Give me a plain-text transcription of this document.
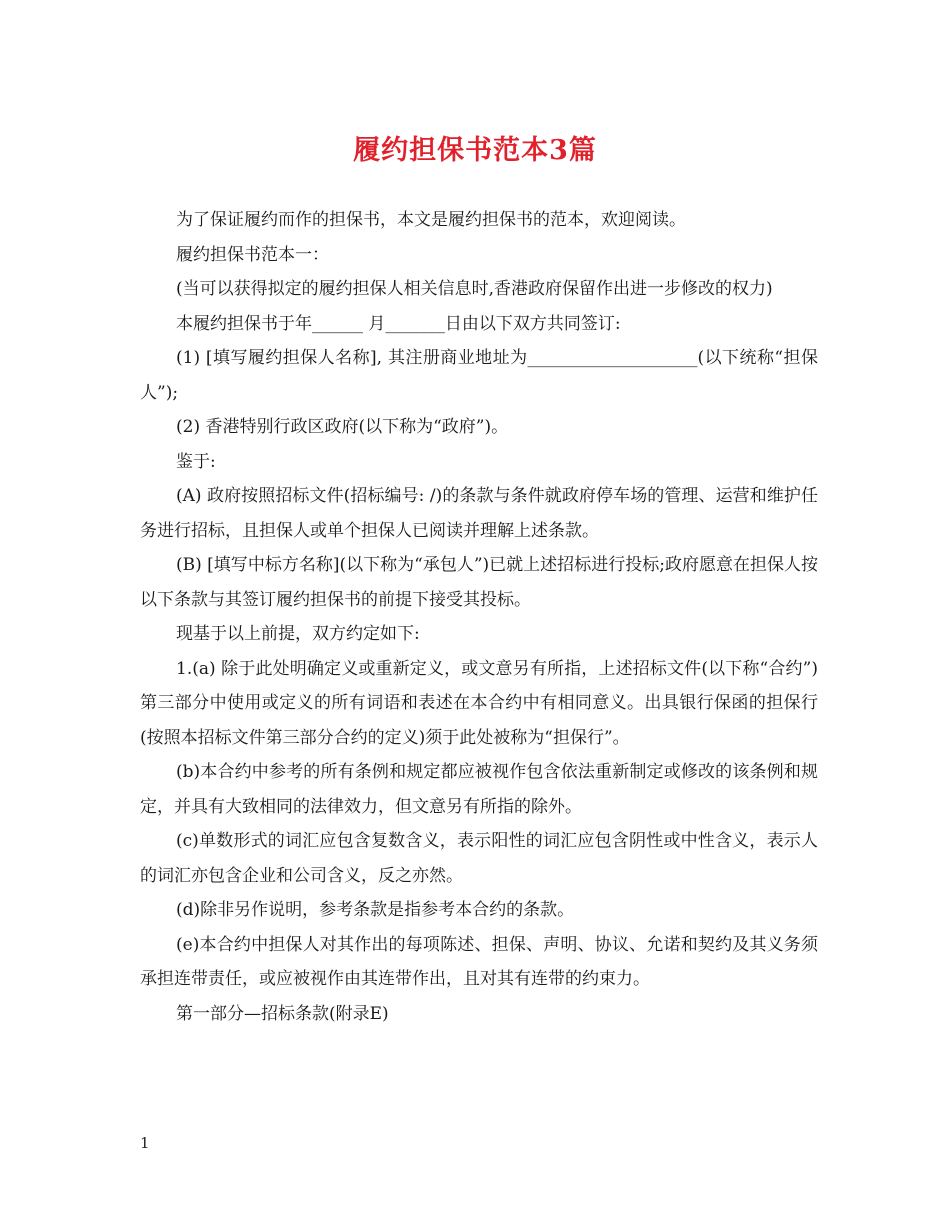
履约担保书范本3篇

为了保证履约而作的担保书，本文是履约担保书的范本，欢迎阅读。

履约担保书范本一：

(当可以获得拟定的履约担保人相关信息时,香港政府保留作出进一步修改的权力)

本履约担保书于年______ 月_______日由以下双方共同签订:

(1) [填写履约担保人名称], 其注册商业地址为____________________(以下统称“担保人”);

(2) 香港特别行政区政府(以下称为“政府”)。

鉴于:

(A) 政府按照招标文件(招标编号: /)的条款与条件就政府停车场的管理、运营和维护任务进行招标，且担保人或单个担保人已阅读并理解上述条款。

(B) [填写中标方名称](以下称为“承包人”)已就上述招标进行投标;政府愿意在担保人按以下条款与其签订履约担保书的前提下接受其投标。

现基于以上前提，双方约定如下:

1.(a) 除于此处明确定义或重新定义，或文意另有所指，上述招标文件(以下称“合约”)第三部分中使用或定义的所有词语和表述在本合约中有相同意义。出具银行保函的担保行(按照本招标文件第三部分合约的定义)须于此处被称为“担保行”。

(b)本合约中参考的所有条例和规定都应被视作包含依法重新制定或修改的该条例和规定，并具有大致相同的法律效力，但文意另有所指的除外。

(c)单数形式的词汇应包含复数含义，表示阳性的词汇应包含阴性或中性含义，表示人的词汇亦包含企业和公司含义，反之亦然。

(d)除非另作说明，参考条款是指参考本合约的条款。

(e)本合约中担保人对其作出的每项陈述、担保、声明、协议、允诺和契约及其义务须承担连带责任，或应被视作由其连带作出，且对其有连带的约束力。

第一部分—招标条款(附录E)

1
